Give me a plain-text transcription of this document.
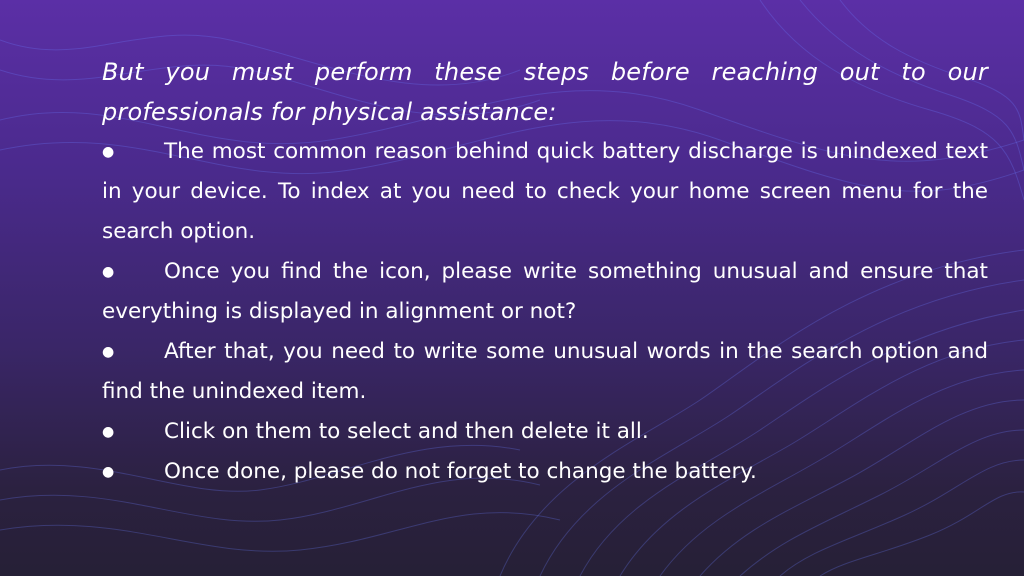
But you must perform these steps before reaching out to our professionals for physical assistance:

● The most common reason behind quick battery discharge is unindexed text in your device. To index at you need to check your home screen menu for the search option.
● Once you find the icon, please write something unusual and ensure that everything is displayed in alignment or not?
● After that, you need to write some unusual words in the search option and find the unindexed item.
● Click on them to select and then delete it all.
● Once done, please do not forget to change the battery.
